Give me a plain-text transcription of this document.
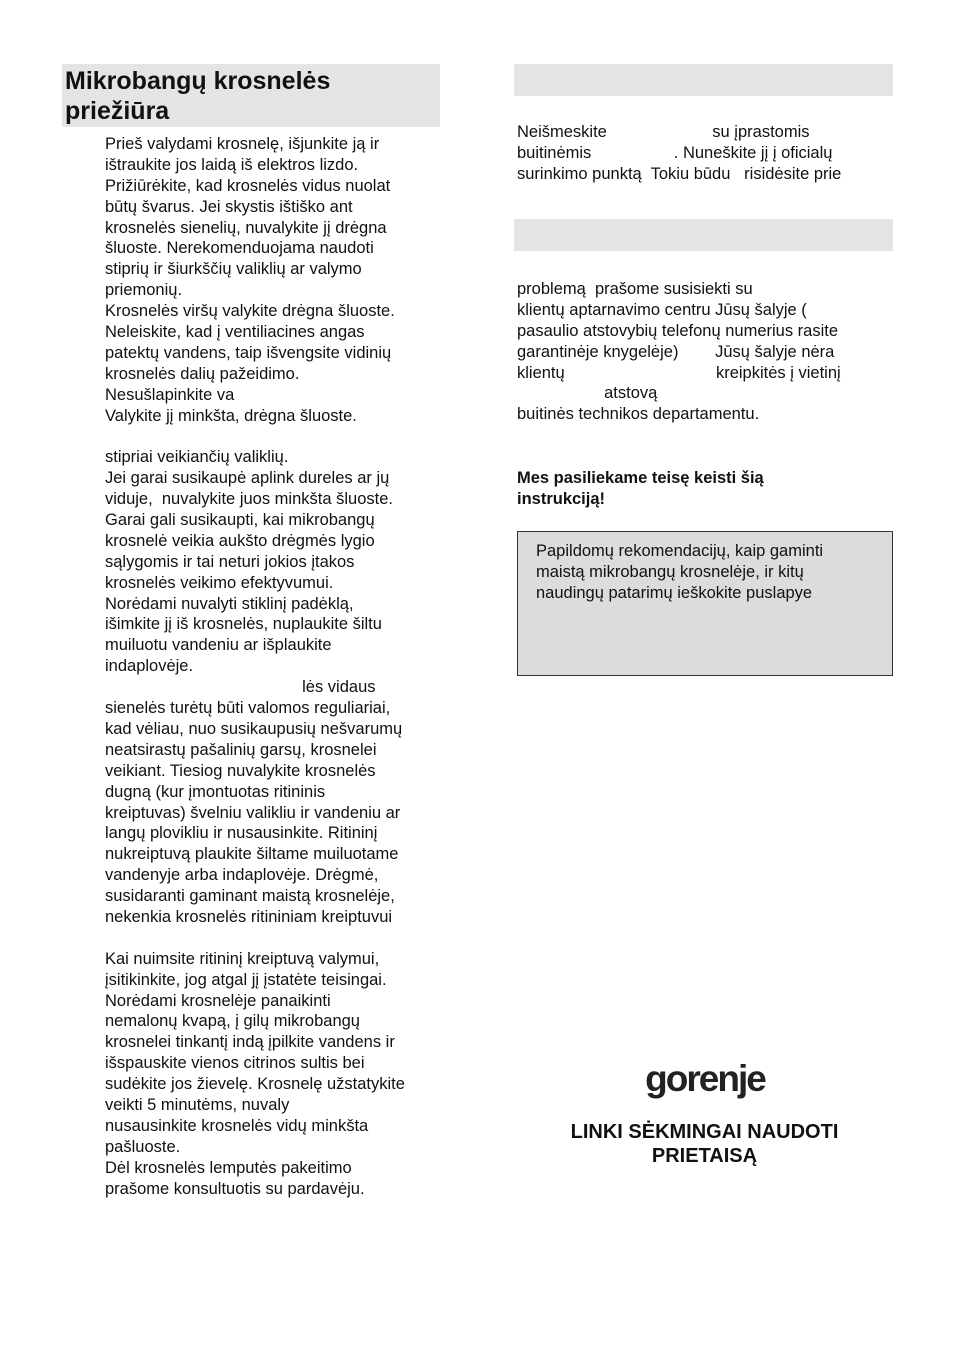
Mikrobangų krosnelės
priežiūra
Prieš valydami krosnelę, išjunkite ją ir
ištraukite jos laidą iš elektros lizdo.
Prižiūrėkite, kad krosnelės vidus nuolat
būtų švarus. Jei skystis ištiško ant
krosnelės sienelių, nuvalykite jį drėgna
šluoste. Nerekomenduojama naudoti
stiprių ir šiurkščių valiklių ar valymo
priemonių.
Krosnelės viršų valykite drėgna šluoste.
Neleiskite, kad į ventiliacines angas
patektų vandens, taip išvengsite vidinių
krosnelės dalių pažeidimo.
Nesušlapinkite va
Valykite jį minkšta, drėgna šluoste.
stipriai veikiančių valiklių.
Jei garai susikaupė aplink dureles ar jų
viduje,  nuvalykite juos minkšta šluoste.
Garai gali susikaupti, kai mikrobangų
krosnelė veikia aukšto drėgmės lygio
sąlygomis ir tai neturi jokios įtakos
krosnelės veikimo efektyvumui.
Norėdami nuvalyti stiklinį padėklą,
išimkite jį iš krosnelės, nuplaukite šiltu
muiluotu vandeniu ar išplaukite
indaplovėje.
lės vidaus
sienelės turėtų būti valomos reguliariai,
kad vėliau, nuo susikaupusių nešvarumų
neatsirastų pašalinių garsų, krosnelei
veikiant. Tiesiog nuvalykite krosnelės
dugną (kur įmontuotas ritininis
kreiptuvas) švelniu valikliu ir vandeniu ar
langų plovikliu ir nusausinkite. Ritininį
nukreiptuvą plaukite šiltame muiluotame
vandenyje arba indaplovėje. Drėgmė,
susidaranti gaminant maistą krosnelėje,
nekenkia krosnelės ritininiam kreiptuvui
Kai nuimsite ritininį kreiptuvą valymui,
įsitikinkite, jog atgal jį įstatėte teisingai.
Norėdami krosnelėje panaikinti
nemalonų kvapą, į gilų mikrobangų
krosnelei tinkantį indą įpilkite vandens ir
išspauskite vienos citrinos sultis bei
sudėkite jos žievelę. Krosnelę užstatykite
veikti 5 minutėms, nuvaly
nusausinkite krosnelės vidų minkšta
pašluoste.
Dėl krosnelės lemputės pakeitimo
prašome konsultuotis su pardavėju.
Neišmeskite                       su įprastomis
buitinėmis                  . Nuneškite jį į oficialų
surinkimo punktą  Tokiu būdu   risidėsite prie
problemą  prašome susisiekti su
klientų aptarnavimo centru Jūsų šalyje (
pasaulio atstovybių telefonų numerius rasite
garantinėje knygelėje)        Jūsų šalyje nėra
klientų                                 kreipkitės į vietinį
atstovą
buitinės technikos departamentu.
Mes pasiliekame teisę keisti šią
instrukciją!
Papildomų rekomendacijų, kaip gaminti
maistą mikrobangų krosnelėje, ir kitų
naudingų patarimų ieškokite puslapye
gorenje
LINKI SĖKMINGAI NAUDOTI
PRIETAISĄ
